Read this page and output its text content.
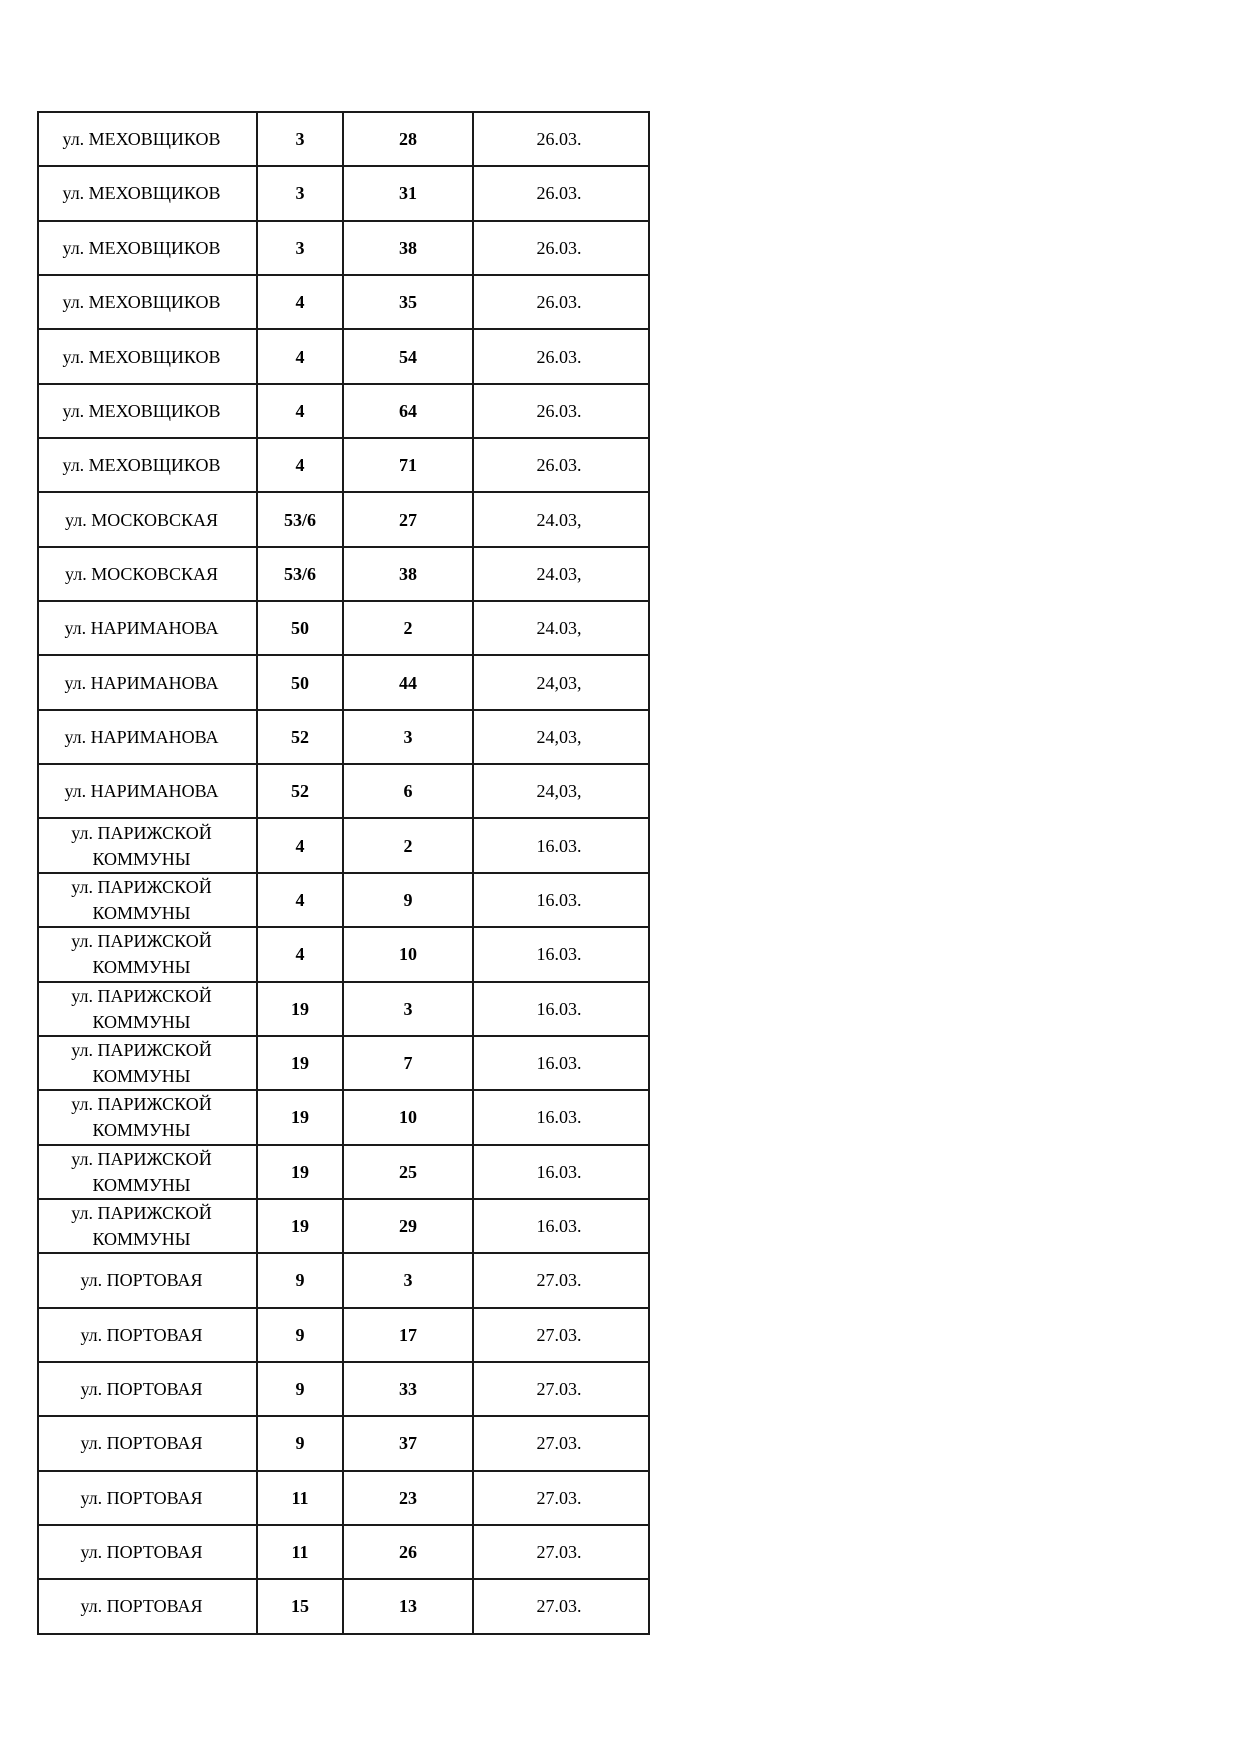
ул. МЕХОВЩИКОВ	3	28	26.03.
ул. МЕХОВЩИКОВ	3	31	26.03.
ул. МЕХОВЩИКОВ	3	38	26.03.
ул. МЕХОВЩИКОВ	4	35	26.03.
ул. МЕХОВЩИКОВ	4	54	26.03.
ул. МЕХОВЩИКОВ	4	64	26.03.
ул. МЕХОВЩИКОВ	4	71	26.03.
ул. МОСКОВСКАЯ	53/6	27	24.03,
ул. МОСКОВСКАЯ	53/6	38	24.03,
ул. НАРИМАНОВА	50	2	24.03,
ул. НАРИМАНОВА	50	44	24,03,
ул. НАРИМАНОВА	52	3	24,03,
ул. НАРИМАНОВА	52	6	24,03,
ул. ПАРИЖСКОЙ КОММУНЫ	4	2	16.03.
ул. ПАРИЖСКОЙ КОММУНЫ	4	9	16.03.
ул. ПАРИЖСКОЙ КОММУНЫ	4	10	16.03.
ул. ПАРИЖСКОЙ КОММУНЫ	19	3	16.03.
ул. ПАРИЖСКОЙ КОММУНЫ	19	7	16.03.
ул. ПАРИЖСКОЙ КОММУНЫ	19	10	16.03.
ул. ПАРИЖСКОЙ КОММУНЫ	19	25	16.03.
ул. ПАРИЖСКОЙ КОММУНЫ	19	29	16.03.
ул. ПОРТОВАЯ	9	3	27.03.
ул. ПОРТОВАЯ	9	17	27.03.
ул. ПОРТОВАЯ	9	33	27.03.
ул. ПОРТОВАЯ	9	37	27.03.
ул. ПОРТОВАЯ	11	23	27.03.
ул. ПОРТОВАЯ	11	26	27.03.
ул. ПОРТОВАЯ	15	13	27.03.
